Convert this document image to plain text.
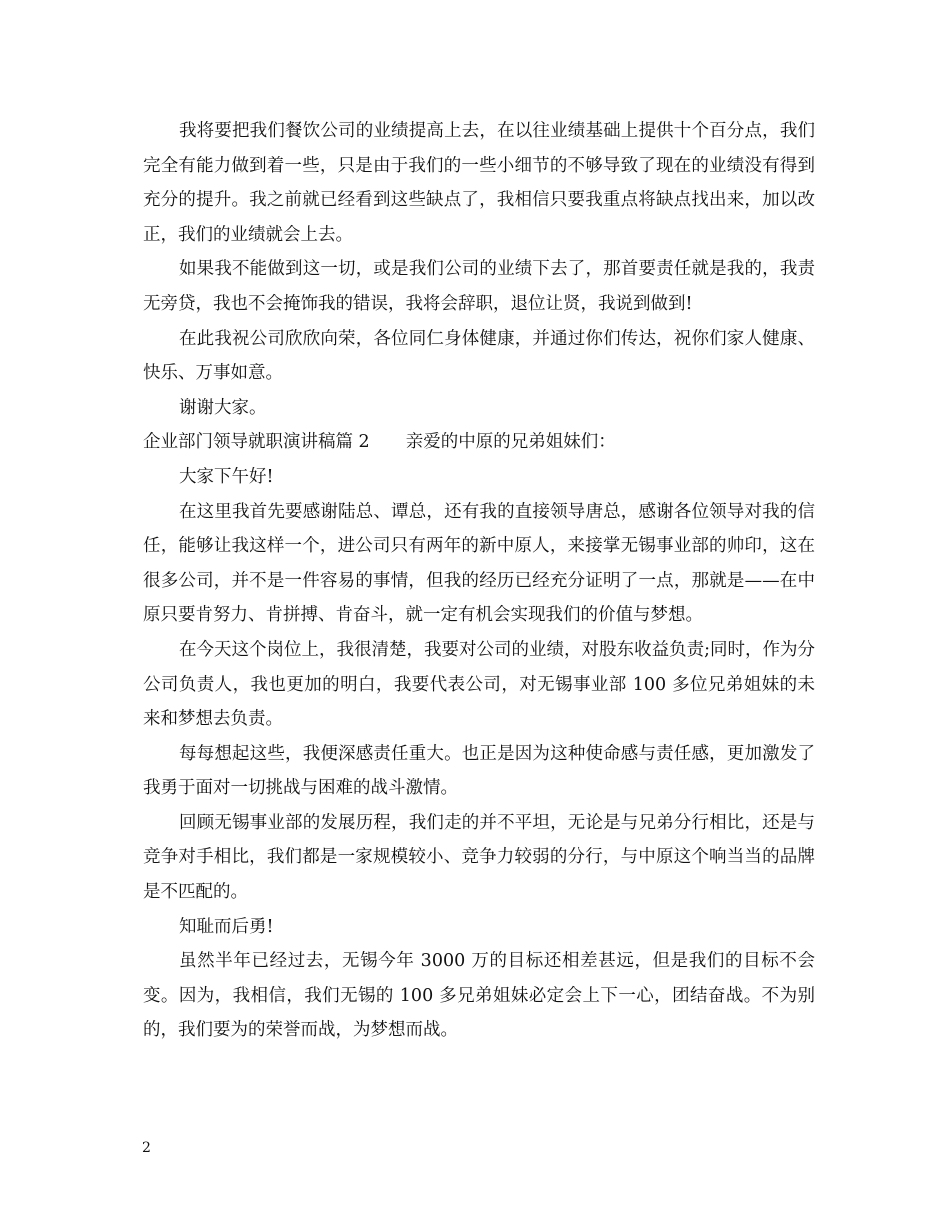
我将要把我们餐饮公司的业绩提高上去，在以往业绩基础上提供十个百分点，我们完全有能力做到着一些，只是由于我们的一些小细节的不够导致了现在的业绩没有得到充分的提升。我之前就已经看到这些缺点了，我相信只要我重点将缺点找出来，加以改正，我们的业绩就会上去。

如果我不能做到这一切，或是我们公司的业绩下去了，那首要责任就是我的，我责无旁贷，我也不会掩饰我的错误，我将会辞职，退位让贤，我说到做到!

在此我祝公司欣欣向荣，各位同仁身体健康，并通过你们传达，祝你们家人健康、快乐、万事如意。

谢谢大家。

企业部门领导就职演讲稿篇 2 亲爱的中原的兄弟姐妹们：

大家下午好!

在这里我首先要感谢陆总、谭总，还有我的直接领导唐总，感谢各位领导对我的信任，能够让我这样一个，进公司只有两年的新中原人，来接掌无锡事业部的帅印，这在很多公司，并不是一件容易的事情，但我的经历已经充分证明了一点，那就是——在中原只要肯努力、肯拼搏、肯奋斗，就一定有机会实现我们的价值与梦想。

在今天这个岗位上，我很清楚，我要对公司的业绩，对股东收益负责;同时，作为分公司负责人，我也更加的明白，我要代表公司，对无锡事业部 100 多位兄弟姐妹的未来和梦想去负责。

每每想起这些，我便深感责任重大。也正是因为这种使命感与责任感，更加激发了我勇于面对一切挑战与困难的战斗激情。

回顾无锡事业部的发展历程，我们走的并不平坦，无论是与兄弟分行相比，还是与竞争对手相比，我们都是一家规模较小、竞争力较弱的分行，与中原这个响当当的品牌是不匹配的。

知耻而后勇!

虽然半年已经过去，无锡今年 3000 万的目标还相差甚远，但是我们的目标不会变。因为，我相信，我们无锡的 100 多兄弟姐妹必定会上下一心，团结奋战。不为别的，我们要为的荣誉而战，为梦想而战。

2
